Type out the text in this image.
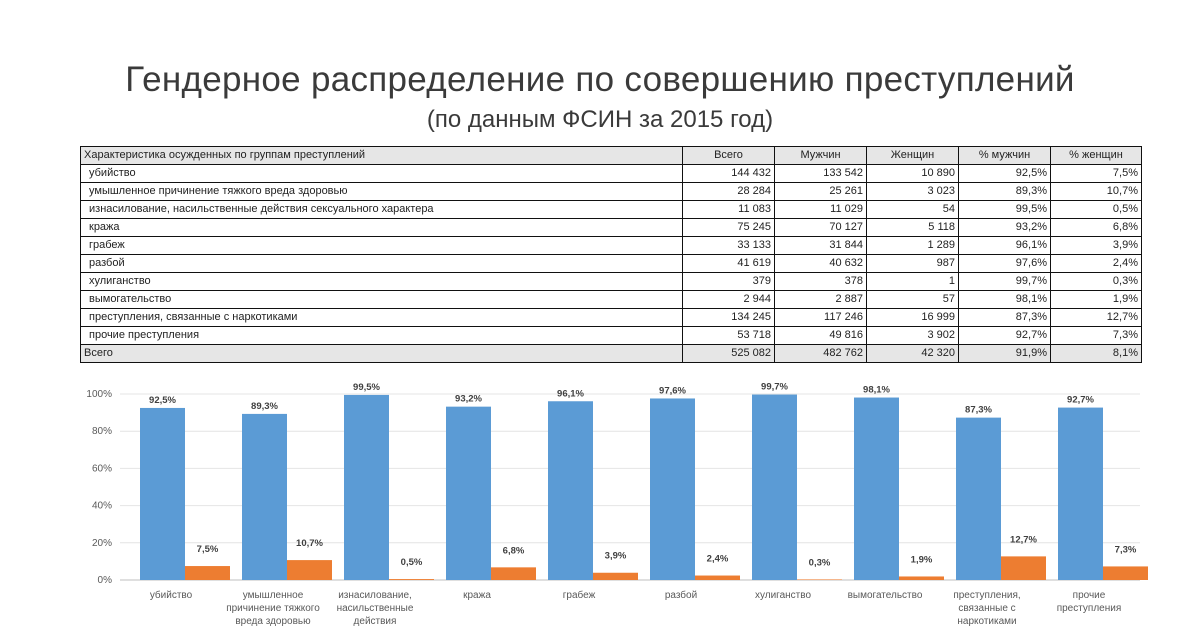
Гендерное распределение по совершению преступлений
(по данным ФСИН за 2015 год)
Характеристика осужденных по группам преступлений	Всего	Мужчин	Женщин	% мужчин	% женщин
убийство	144 432	133 542	10 890	92,5%	7,5%
умышленное причинение тяжкого вреда здоровью	28 284	25 261	3 023	89,3%	10,7%
изнасилование, насильственные действия сексуального характера	11 083	11 029	54	99,5%	0,5%
кража	75 245	70 127	5 118	93,2%	6,8%
грабеж	33 133	31 844	1 289	96,1%	3,9%
разбой	41 619	40 632	987	97,6%	2,4%
хулиганство	379	378	1	99,7%	0,3%
вымогательство	2 944	2 887	57	98,1%	1,9%
преступления, связанные с наркотиками	134 245	117 246	16 999	87,3%	12,7%
прочие преступления	53 718	49 816	3 902	92,7%	7,3%
Всего	525 082	482 762	42 320	91,9%	8,1%
0%
20%
40%
60%
80%
100%
92,5%
89,3%
99,5%
93,2%	96,1%	97,6%	99,7%	98,1%
87,3%
92,7%
7,5%
10,7%
0,5%
6,8%	3,9%	2,4%	0,3%	1,9%
12,7%
7,3%
убийство	умышленное
причинение тяжкого
вреда здоровью
изнасилование,
насильственные
действия
кража	грабеж	разбой	хулиганство	вымогательство	преступления,
связанные с
наркотиками
прочие
преступления
